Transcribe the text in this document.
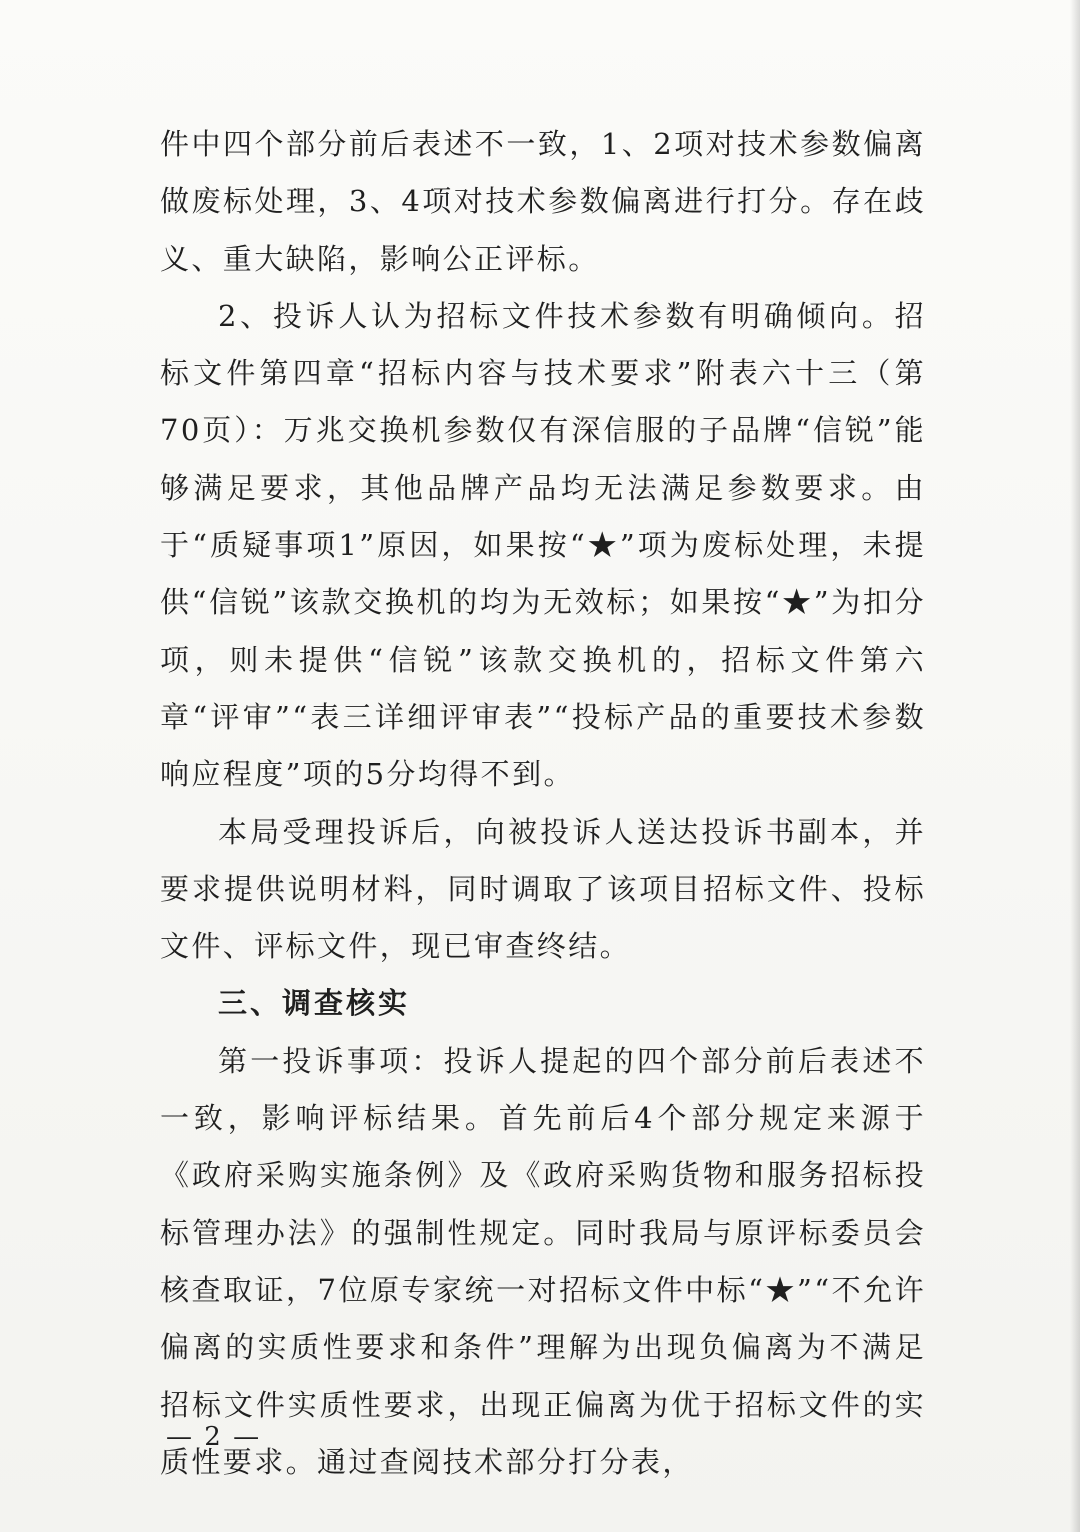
件中四个部分前后表述不一致，1、2项对技术参数偏离做废标处理，3、4项对技术参数偏离进行打分。存在歧义、重大缺陷，影响公正评标。

2、投诉人认为招标文件技术参数有明确倾向。招标文件第四章“招标内容与技术要求”附表六十三（第70页）：万兆交换机参数仅有深信服的子品牌“信锐”能够满足要求，其他品牌产品均无法满足参数要求。由于“质疑事项1”原因，如果按“★”项为废标处理，未提供“信锐”该款交换机的均为无效标；如果按“★”为扣分项，则未提供“信锐”该款交换机的，招标文件第六章“评审”“表三详细评审表”“投标产品的重要技术参数响应程度”项的5分均得不到。

本局受理投诉后，向被投诉人送达投诉书副本，并要求提供说明材料，同时调取了该项目招标文件、投标文件、评标文件，现已审查终结。

三、调查核实

第一投诉事项：投诉人提起的四个部分前后表述不一致，影响评标结果。首先前后4个部分规定来源于《政府采购实施条例》及《政府采购货物和服务招标投标管理办法》的强制性规定。同时我局与原评标委员会核查取证，7位原专家统一对招标文件中标“★”“不允许偏离的实质性要求和条件”理解为出现负偏离为不满足招标文件实质性要求，出现正偏离为优于招标文件的实质性要求。通过查阅技术部分打分表，

— 2 —
